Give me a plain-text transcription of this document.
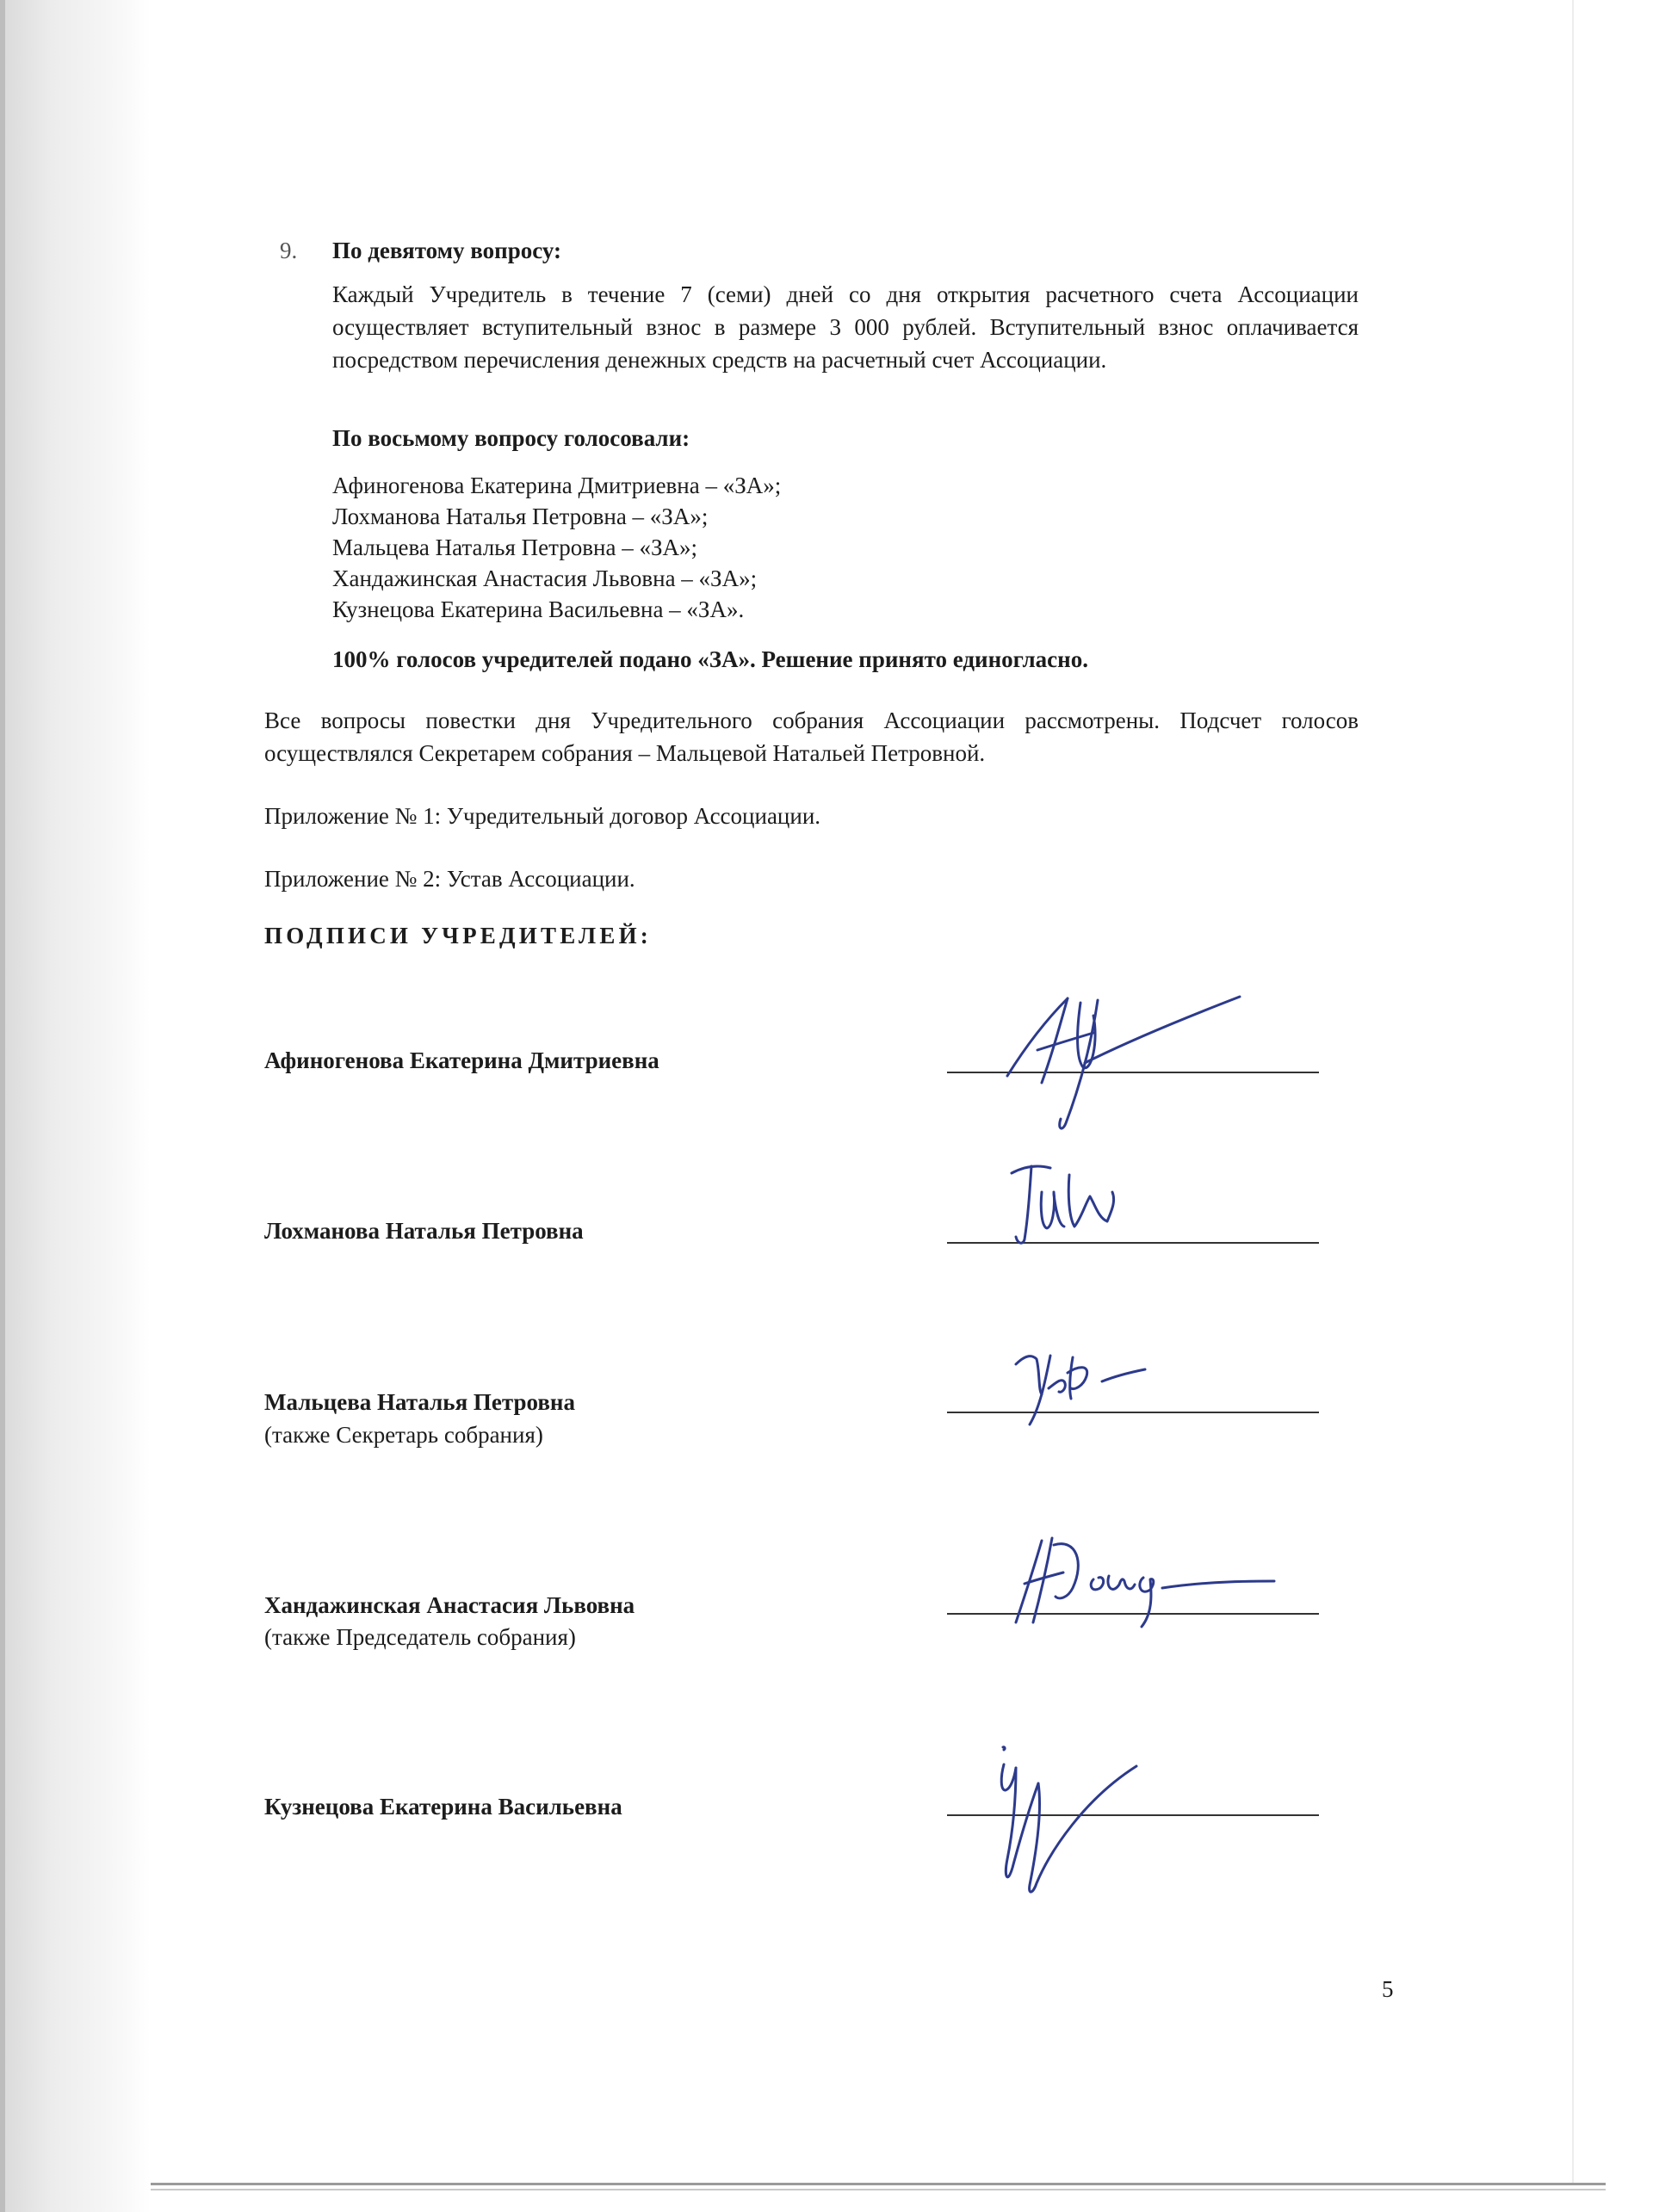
9. По девятому вопросу:
Каждый Учредитель в течение 7 (семи) дней со дня открытия расчетного счета Ассоциации осуществляет вступительный взнос в размере 3 000 рублей. Вступительный взнос оплачивается посредством перечисления денежных средств на расчетный счет Ассоциации.
По восьмому вопросу голосовали:
Афиногенова Екатерина Дмитриевна – «ЗА»;
Лохманова Наталья Петровна – «ЗА»;
Мальцева Наталья Петровна – «ЗА»;
Хандажинская Анастасия Львовна – «ЗА»;
Кузнецова Екатерина Васильевна – «ЗА».
100% голосов учредителей подано «ЗА». Решение принято единогласно.
Все вопросы повестки дня Учредительного собрания Ассоциации рассмотрены. Подсчет голосов осуществлялся Секретарем собрания – Мальцевой Натальей Петровной.
Приложение № 1: Учредительный договор Ассоциации.
Приложение № 2: Устав Ассоциации.
ПОДПИСИ УЧРЕДИТЕЛЕЙ:
Афиногенова Екатерина Дмитриевна
Лохманова Наталья Петровна
Мальцева Наталья Петровна
(также Секретарь собрания)
Хандажинская Анастасия Львовна
(также Председатель собрания)
Кузнецова Екатерина Васильевна
5
